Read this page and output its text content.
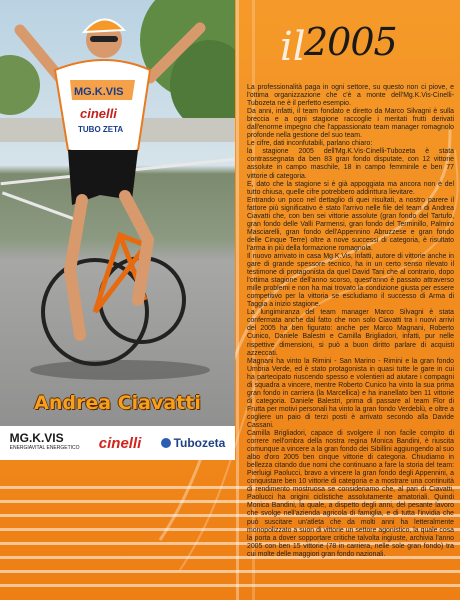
MG.K.VIS
cinelli
TUBO ZETA
Andrea Ciavatti
MG.K.VIS
ENERGIAVITAL ENERGETICO cinelli	Tubozeta
il
2005

La professionalità paga in ogni settore, su questo non ci piove, e l'ottima organizzazione che c'è a monte dell'Mg.K.Vis-Cinelli-Tubozeta ne è il perfetto esempio.

Da anni, infatti, il team fondato e diretto da Marco Silvagni è sulla breccia e a ogni stagione raccoglie i meritati frutti derivati dall'enorme impegno che l'appassionato team manager romagnolo profonde nella gestione del suo team.

Le cifre, dati inconfutabili, parlano chiaro:

la stagione 2005 dell'Mg.K.Vis-Cinelli-Tubozeta è stata contrassegnata da ben 83 gran fondo disputate, con 12 vittorie assolute in campo maschile, 18 in campo femminile e ben 77 vittorie di categoria.

E, dato che la stagione si è già appoggiata ma ancora non è del tutto chiusa, quelle cifre potrebbero addirittura lievitare.

Entrando un poco nel dettaglio di quei risultati, a nostro parere il fattore più significativo è stato l'arrivo nelle file del team di Andrea Ciavatti che, con ben sei vittorie assolute (gran fondo del Tartufo, gran fondo delle Valli Parmensi, gran fondo del Terminillo, Palmiro Masciarelli, gran fondo dell'Appennino Abruzzese e gran fondo delle Cinque Terre) oltre a nove successi di categoria, è risultato l'arma in più della formazione romagnola.

Il nuovo arrivato in casa Mg.K.Vis, infatti, autore di vittorie anche in gare di grande spessore tecnico, ha in un certo senso rilevato il testimone di protagonista da quel David Tani che al contrario, dopo l'ottima stagione dell'anno scorso, quest'anno è passato attraverso mille problemi e non ha mai trovato la condizione giusta per essere competitivo per la vittoria se escludiamo il successo di Arma di Taggia a inizio stagione.

La lungimiranza del team manager Marco Silvagni è stata confermata anche dal fatto che non solo Ciavatti tra i nuovi arrivi del 2005 ha ben figurato: anche per Marco Magnani, Roberto Cunico, Daniele Balestri e Camilla Brigliadori, infatti, pur nelle rispettive dimensioni, si può a buon diritto parlare di acquisti azzeccati.

Magnani ha vinto la Rimini - San Marino - Rimini e la gran fondo Umbria Verde, ed è stato protagonista in quasi tutte le gare in cui ha partecipato riuscendo spesso e volentieri ad aiutare i compagni di squadra a vincere, mentre Roberto Cunico ha vinto la sua prima gran fondo in carriera (la Marcellica) e ha inanellato ben 11 vittorie di categoria. Daniele Balestri, prima di passare al team Flor di Frutta per motivi personali ha vinto la gran fondo Verdeblù, e oltre a cogliere un paio di terzi posti è arrivato secondo alla Davide Cassani.

Camilla Brigliadori, capace di svolgere il non facile compito di correre nell'ombra della nostra regina Monica Bandini, è riuscita comunque a vincere a la gran fondo dei Sibillini aggiungendo al suo albo d'oro 2005 ben cinque vittorie di categoria. Chiudiamo in bellezza citando due nomi che continuano a fare la storia del team: Pierluigi Paolucci, bravo a vincere la gran fondo degli Appennini, a conquistare ben 10 vittorie di categoria e a mostrare una continuità di rendimento mostruosa se consideriamo che, al pari di Ciavatti, Paolucci ha origini ciclistiche assolutamente amatoriali. Quindi Monica Bandini, la quale, a dispetto degli anni, del pesante lavoro che svolge nell'azienda agricola di famiglia, e di tutta l'invidia che può suscitare un'atleta che da molti anni ha letteralmente monopolizzato a suon di vittorie un settore agonistico, la quale cosa la porta a dover sopportare critiche talvolta ingiuste, archivia l'anno 2005 con ben 15 vittorie (78 in carriera, nelle sole gran fondo) tra cui molte delle maggiori gran fondo nazionali.
